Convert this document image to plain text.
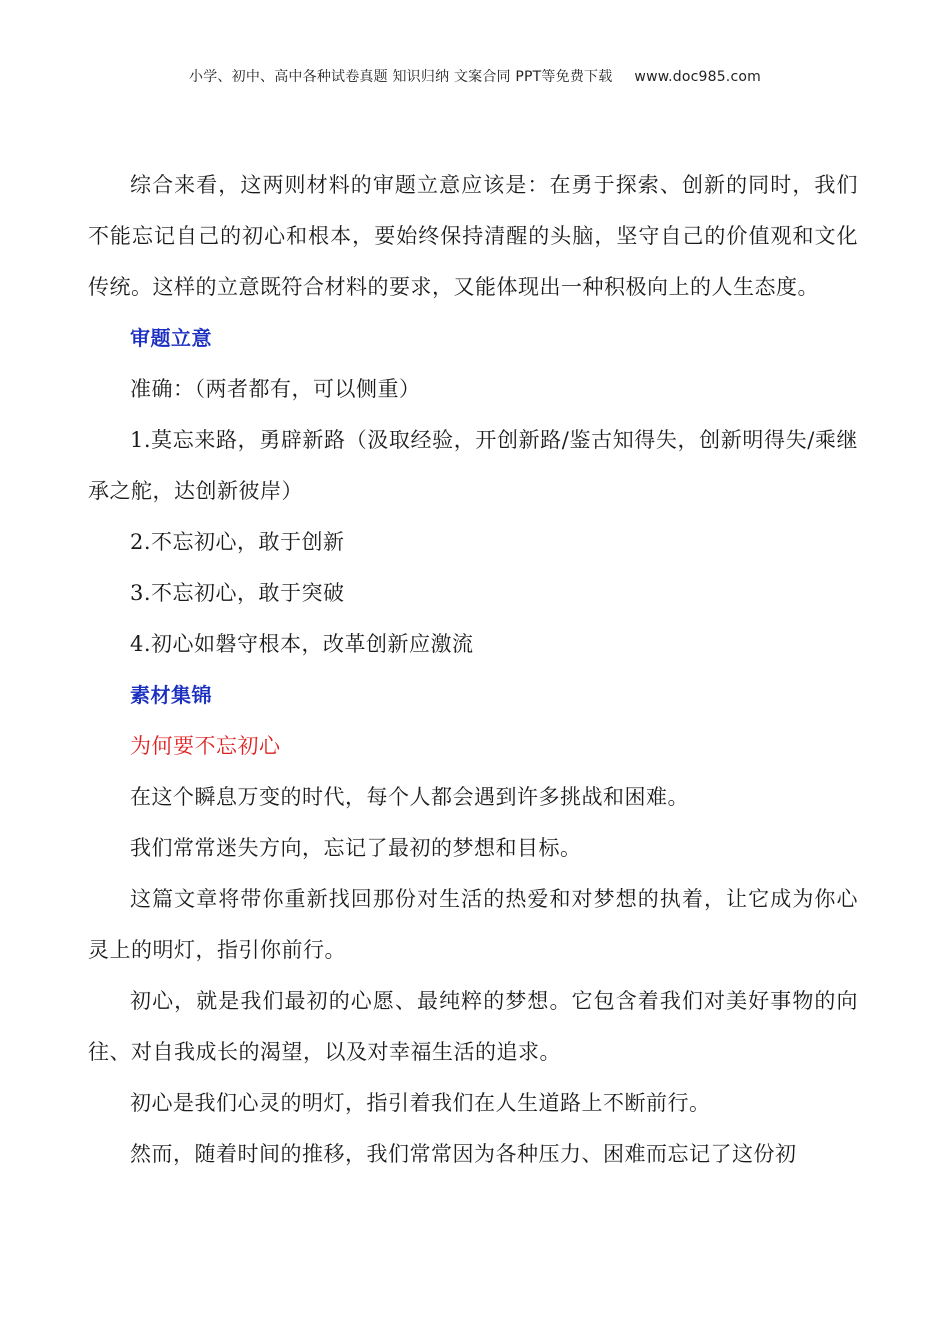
小学、初中、高中各种试卷真题 知识归纳 文案合同 PPT等免费下载 www.doc985.com

综合来看，这两则材料的审题立意应该是：在勇于探索、创新的同时，我们不能忘记自己的初心和根本，要始终保持清醒的头脑，坚守自己的价值观和文化传统。这样的立意既符合材料的要求，又能体现出一种积极向上的人生态度。

审题立意

准确：（两者都有，可以侧重）

1.莫忘来路，勇辟新路（汲取经验，开创新路/鉴古知得失，创新明得失/乘继承之舵，达创新彼岸）

2.不忘初心，敢于创新

3.不忘初心，敢于突破

4.初心如磐守根本，改革创新应激流

素材集锦

为何要不忘初心

在这个瞬息万变的时代，每个人都会遇到许多挑战和困难。

我们常常迷失方向，忘记了最初的梦想和目标。

这篇文章将带你重新找回那份对生活的热爱和对梦想的执着，让它成为你心灵上的明灯，指引你前行。

初心，就是我们最初的心愿、最纯粹的梦想。它包含着我们对美好事物的向往、对自我成长的渴望，以及对幸福生活的追求。

初心是我们心灵的明灯，指引着我们在人生道路上不断前行。

然而，随着时间的推移，我们常常因为各种压力、困难而忘记了这份初
